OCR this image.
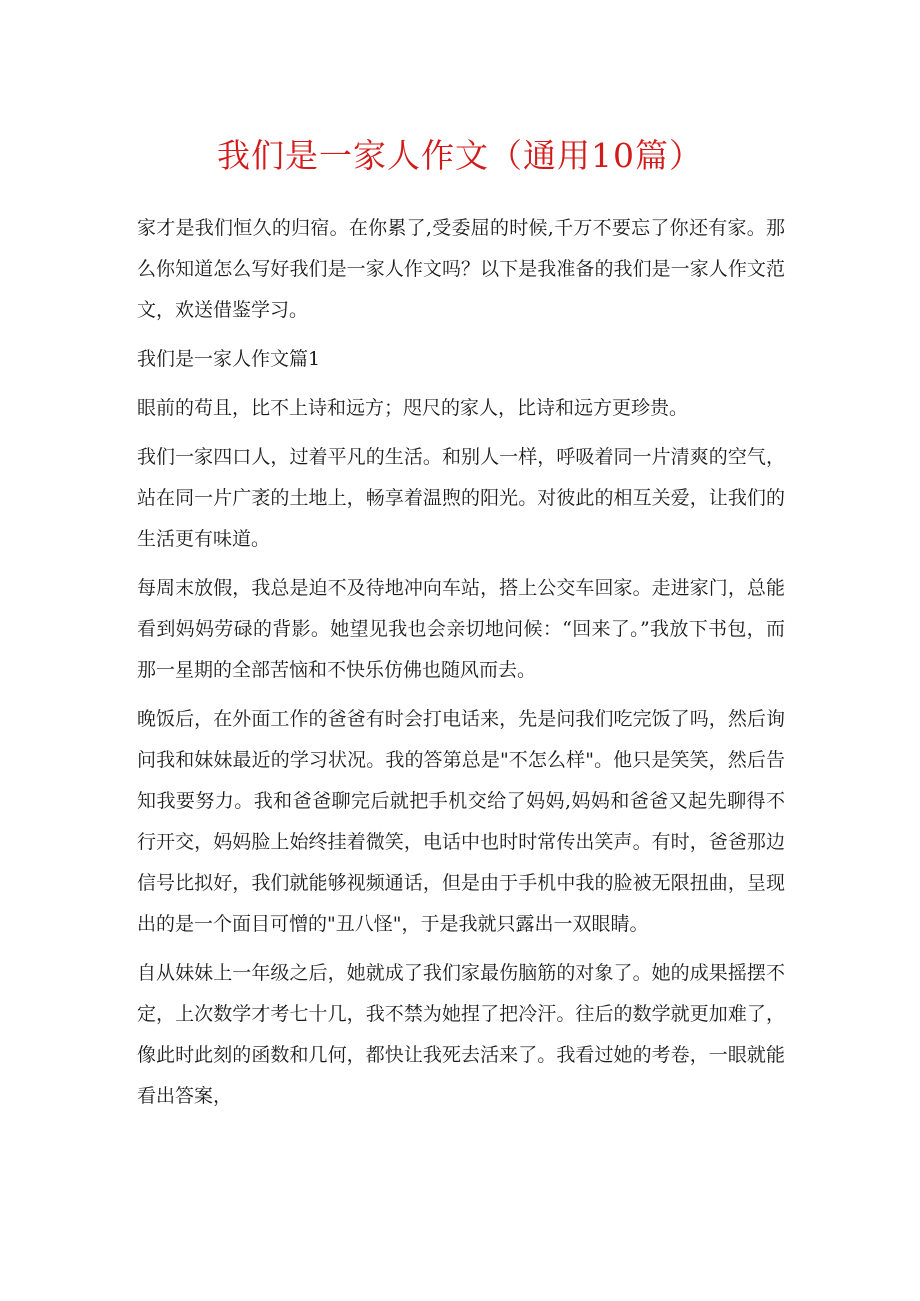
我们是一家人作文（通用10篇）

家才是我们恒久的归宿。在你累了,受委屈的时候,千万不要忘了你还有家。那么你知道怎么写好我们是一家人作文吗？以下是我准备的我们是一家人作文范文，欢送借鉴学习。

我们是一家人作文篇1

眼前的苟且，比不上诗和远方；咫尺的家人，比诗和远方更珍贵。

我们一家四口人，过着平凡的生活。和别人一样，呼吸着同一片清爽的空气，站在同一片广袤的土地上，畅享着温煦的阳光。对彼此的相互关爱，让我们的生活更有味道。

每周末放假，我总是迫不及待地冲向车站，搭上公交车回家。走进家门，总能看到妈妈劳碌的背影。她望见我也会亲切地问候：“回来了。”我放下书包，而那一星期的全部苦恼和不快乐仿佛也随风而去。

晚饭后，在外面工作的爸爸有时会打电话来，先是问我们吃完饭了吗，然后询问我和妹妹最近的学习状况。我的答第总是"不怎么样"。他只是笑笑，然后告知我要努力。我和爸爸聊完后就把手机交给了妈妈,妈妈和爸爸又起先聊得不行开交，妈妈脸上始终挂着微笑，电话中也时时常传出笑声。有时，爸爸那边信号比拟好，我们就能够视频通话，但是由于手机中我的脸被无限扭曲，呈现出的是一个面目可憎的"丑八怪"，于是我就只露出一双眼睛。

自从妹妹上一年级之后，她就成了我们家最伤脑筋的对象了。她的成果摇摆不定，上次数学才考七十几，我不禁为她捏了把冷汗。往后的数学就更加难了，像此时此刻的函数和几何，都快让我死去活来了。我看过她的考卷，一眼就能看出答案，
